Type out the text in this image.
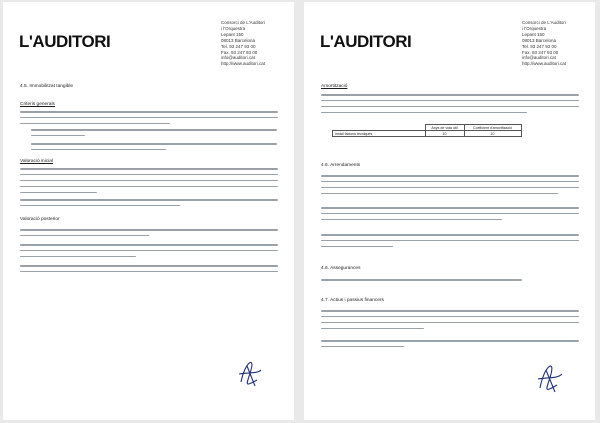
L'AUDITORI
Consorci de L'Auditori
i l'Orquestra
Lepant 150
08013 Barcelona
Tel. 93 247 93 00
Fax. 93 247 93 00
info@auditori.cat
http://www.auditori.cat
4.5. Immobilitzat tangible
Criteris generals
Valoració inicial
Valoració posterior
L'AUDITORI
Consorci de L'Auditori
i l'Orquestra
Lepant 150
08013 Barcelona
Tel. 93 247 93 00
Fax. 93 247 93 00
info@auditori.cat
http://www.auditori.cat
Amortització
	Anys de vida útil	Coeficient d'amortització
Instal·lacions tècniques	10	10
4.6. Arrendaments
4.6. Assegurances
4.7. Actius i passius financers
